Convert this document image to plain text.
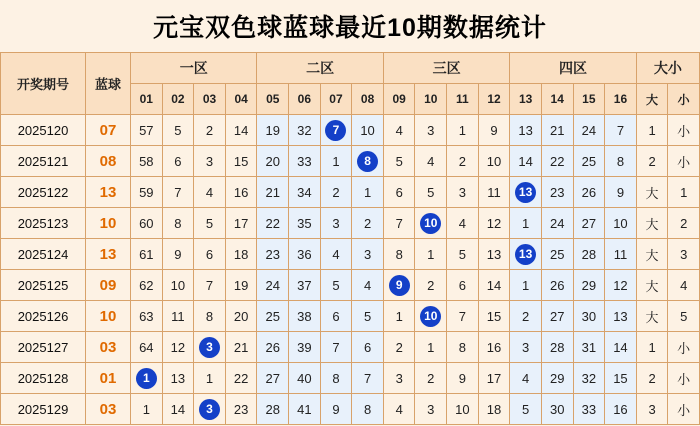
元宝双色球蓝球最近10期数据统计
开奖期号	蓝球	一区				二区				三区				四区				大小	
		01	02	03	04	05	06	07	08	09	10	11	12	13	14	15	16	大	小
2025120	07	57	5	2	14	19	32	7	10	4	3	1	9	13	21	24	7	1	小
2025121	08	58	6	3	15	20	33	1	8	5	4	2	10	14	22	25	8	2	小
2025122	13	59	7	4	16	21	34	2	1	6	5	3	11	13	23	26	9	大	1
2025123	10	60	8	5	17	22	35	3	2	7	10	4	12	1	24	27	10	大	2
2025124	13	61	9	6	18	23	36	4	3	8	1	5	13	13	25	28	11	大	3
2025125	09	62	10	7	19	24	37	5	4	9	2	6	14	1	26	29	12	大	4
2025126	10	63	11	8	20	25	38	6	5	1	10	7	15	2	27	30	13	大	5
2025127	03	64	12	3	21	26	39	7	6	2	1	8	16	3	28	31	14	1	小
2025128	01	1	13	1	22	27	40	8	7	3	2	9	17	4	29	32	15	2	小
2025129	03	1	14	3	23	28	41	9	8	4	3	10	18	5	30	33	16	3	小
